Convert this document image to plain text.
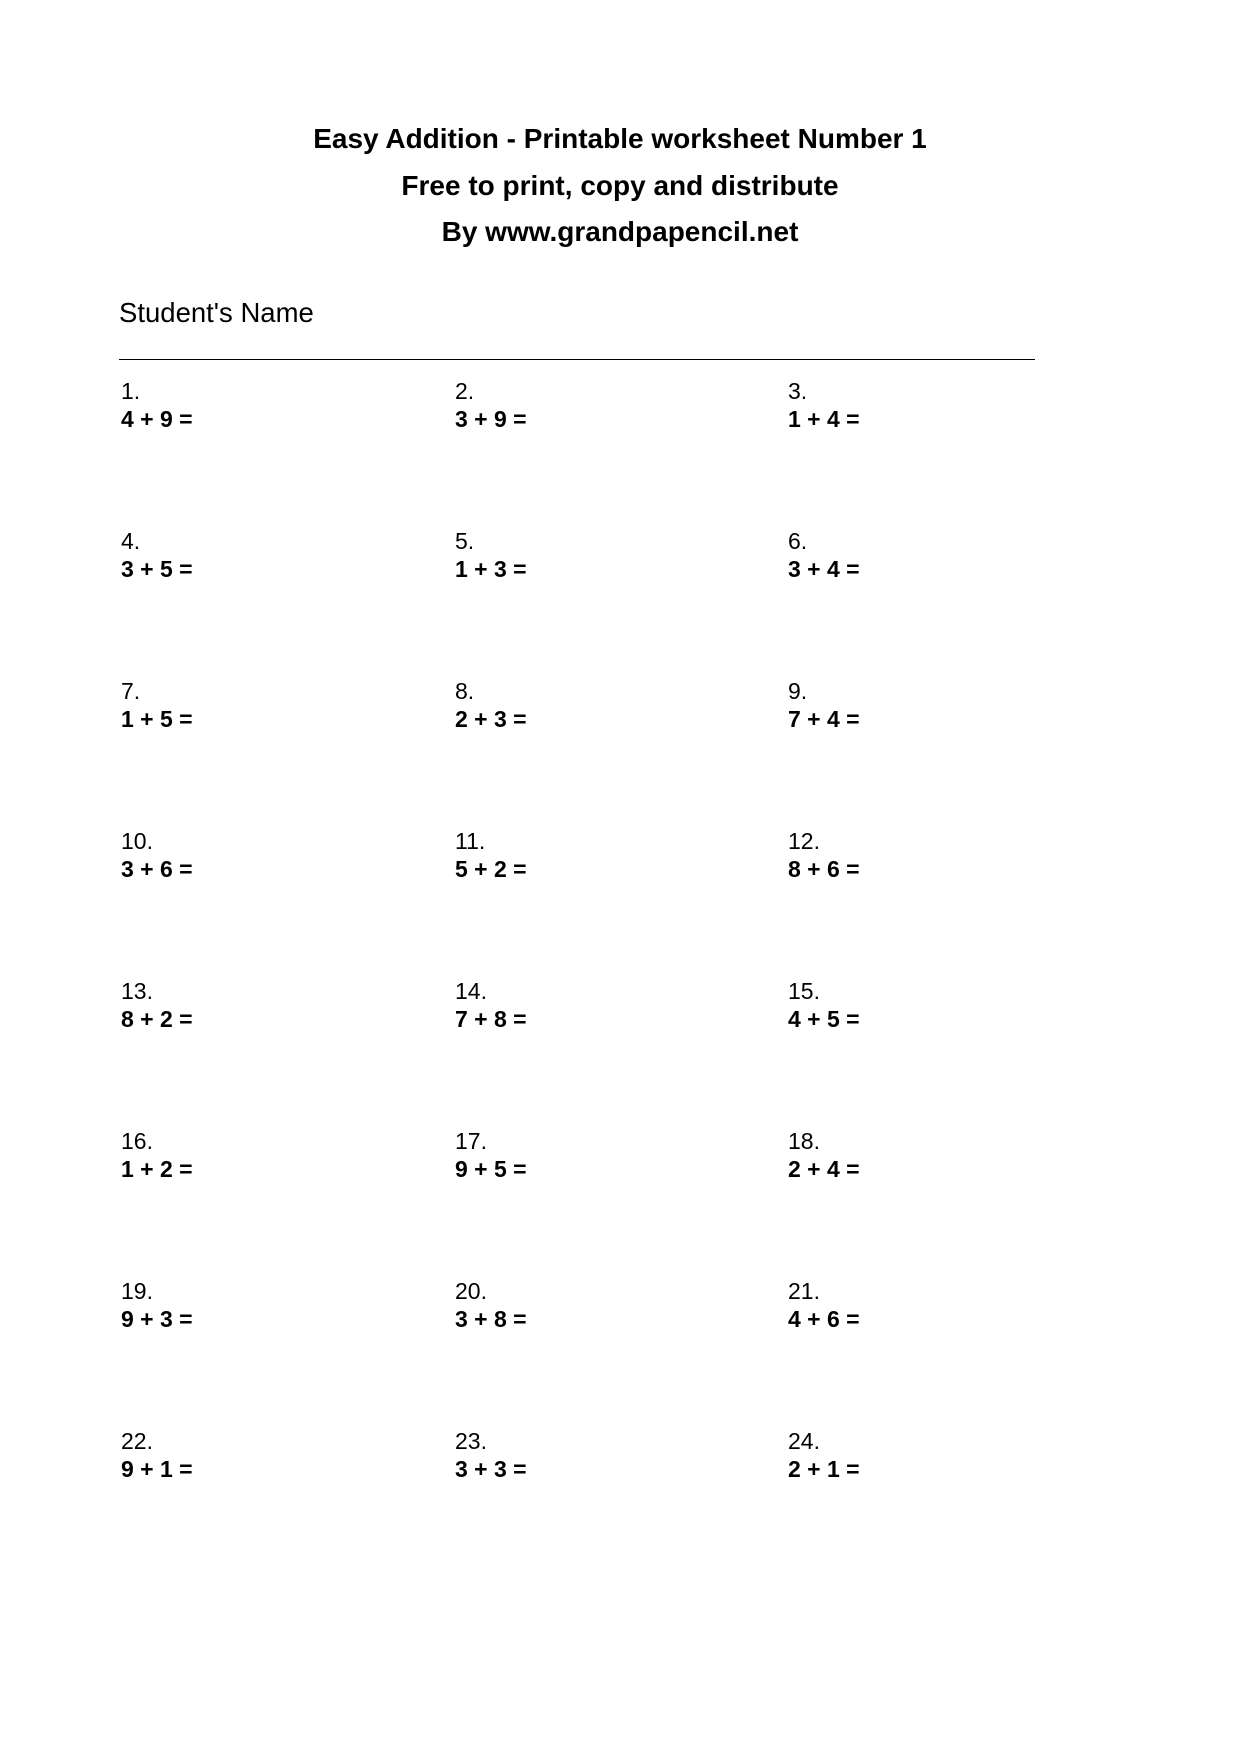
Easy Addition - Printable worksheet Number 1
Free to print, copy and distribute
By www.grandpapencil.net
Student's Name
1.
4 + 9 =
2.
3 + 9 =
3.
1 + 4 =
4.
3 + 5 =
5.
1 + 3 =
6.
3 + 4 =
7.
1 + 5 =
8.
2 + 3 =
9.
7 + 4 =
10.
3 + 6 =
11.
5 + 2 =
12.
8 + 6 =
13.
8 + 2 =
14.
7 + 8 =
15.
4 + 5 =
16.
1 + 2 =
17.
9 + 5 =
18.
2 + 4 =
19.
9 + 3 =
20.
3 + 8 =
21.
4 + 6 =
22.
9 + 1 =
23.
3 + 3 =
24.
2 + 1 =
